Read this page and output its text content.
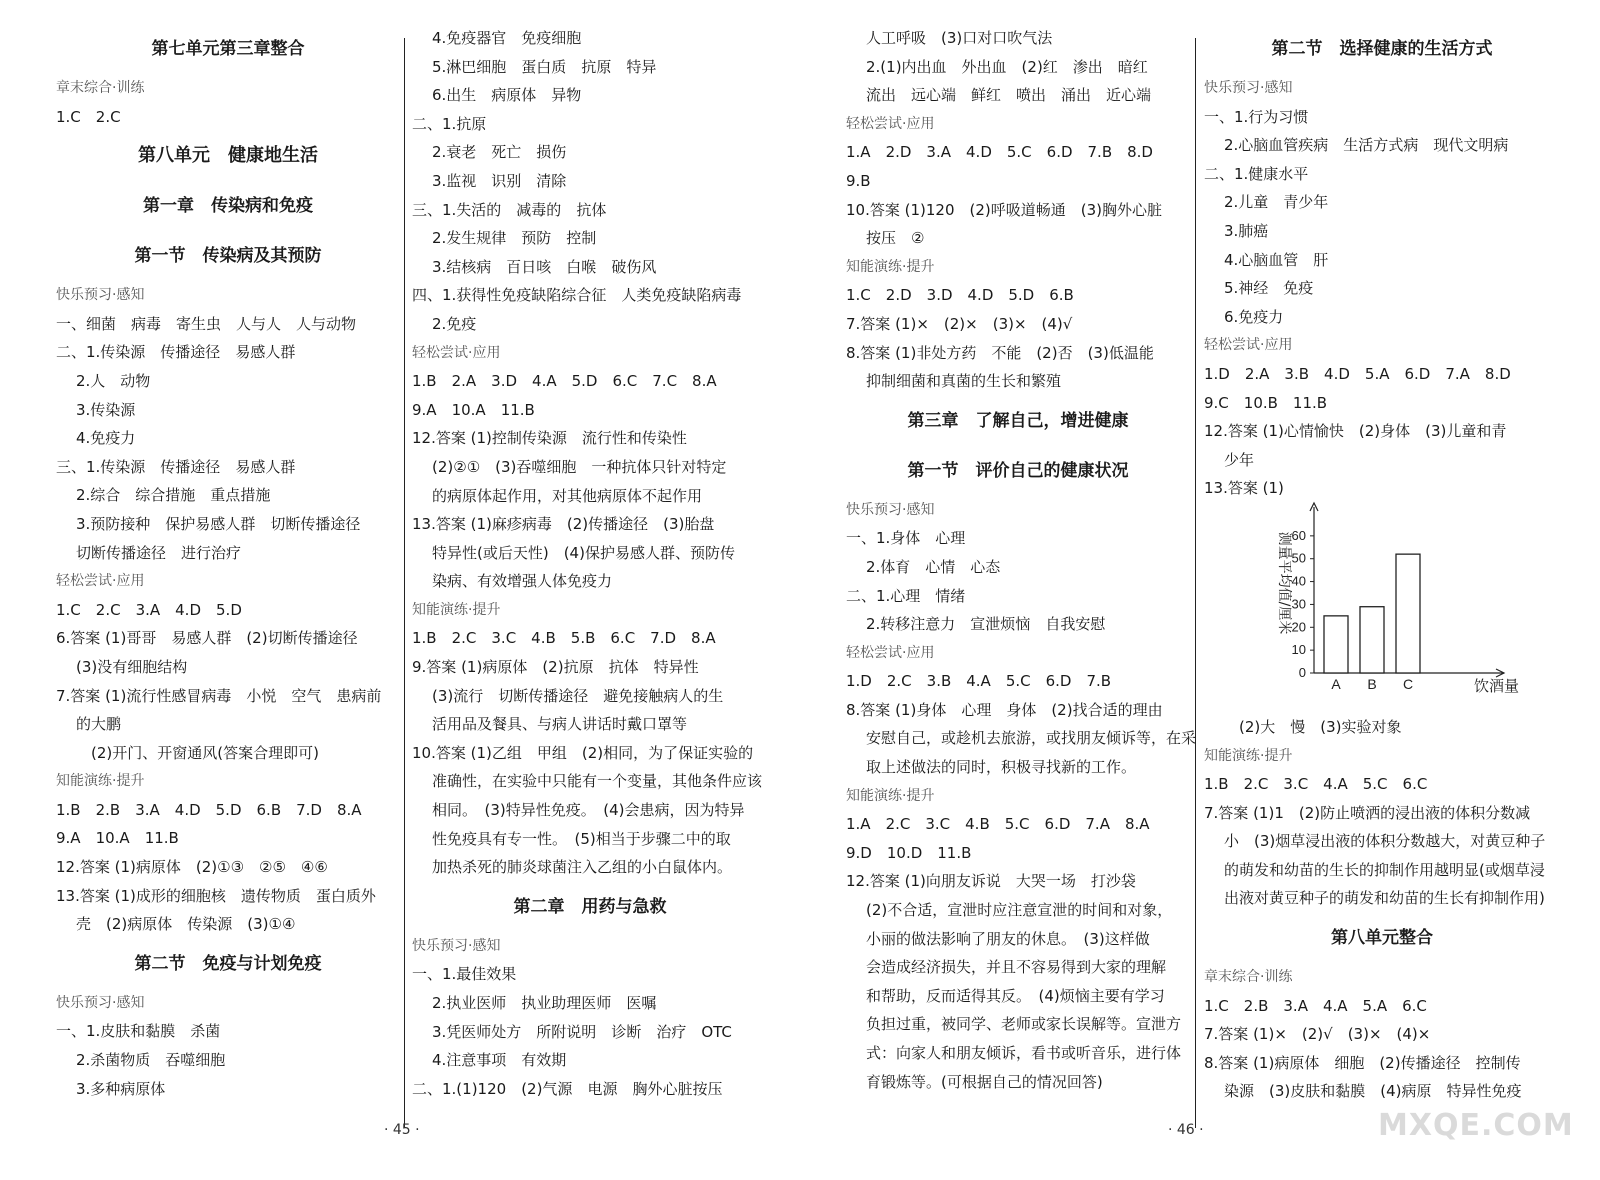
第七单元第三章整合
章末综合·训练
1.C　2.C
第八单元　健康地生活
第一章　传染病和免疫
第一节　传染病及其预防
快乐预习·感知
一、细菌　病毒　寄生虫　人与人　人与动物
二、1.传染源　传播途径　易感人群
2.人　动物
3.传染源
4.免疫力
三、1.传染源　传播途径　易感人群
2.综合　综合措施　重点措施
3.预防接种　保护易感人群　切断传播途径
切断传播途径　进行治疗
轻松尝试·应用
1.C　2.C　3.A　4.D　5.D
6.答案 (1)哥哥　易感人群　(2)切断传播途径
(3)没有细胞结构
7.答案 (1)流行性感冒病毒　小悦　空气　患病前
的大鹏
　(2)开门、开窗通风(答案合理即可)
知能演练·提升
1.B　2.B　3.A　4.D　5.D　6.B　7.D　8.A
9.A　10.A　11.B
12.答案 (1)病原体　(2)①③　②⑤　④⑥
13.答案 (1)成形的细胞核　遗传物质　蛋白质外
壳　(2)病原体　传染源　(3)①④
第二节　免疫与计划免疫
快乐预习·感知
一、1.皮肤和黏膜　杀菌
2.杀菌物质　吞噬细胞
3.多种病原体
4.免疫器官　免疫细胞
5.淋巴细胞　蛋白质　抗原　特异
6.出生　病原体　异物
二、1.抗原
2.衰老　死亡　损伤
3.监视　识别　清除
三、1.失活的　减毒的　抗体
2.发生规律　预防　控制
3.结核病　百日咳　白喉　破伤风
四、1.获得性免疫缺陷综合征　人类免疫缺陷病毒
2.免疫
轻松尝试·应用
1.B　2.A　3.D　4.A　5.D　6.C　7.C　8.A
9.A　10.A　11.B
12.答案 (1)控制传染源　流行性和传染性
(2)②①　(3)吞噬细胞　一种抗体只针对特定
的病原体起作用，对其他病原体不起作用
13.答案 (1)麻疹病毒　(2)传播途径　(3)胎盘
特异性(或后天性)　(4)保护易感人群、预防传
染病、有效增强人体免疫力
知能演练·提升
1.B　2.C　3.C　4.B　5.B　6.C　7.D　8.A
9.答案 (1)病原体　(2)抗原　抗体　特异性
(3)流行　切断传播途径　避免接触病人的生
活用品及餐具、与病人讲话时戴口罩等
10.答案 (1)乙组　甲组　(2)相同，为了保证实验的
准确性，在实验中只能有一个变量，其他条件应该
相同。　(3)特异性免疫。　(4)会患病，因为特异
性免疫具有专一性。　(5)相当于步骤二中的取
加热杀死的肺炎球菌注入乙组的小白鼠体内。
第二章　用药与急救
快乐预习·感知
一、1.最佳效果
2.执业医师　执业助理医师　医嘱
3.凭医师处方　所附说明　诊断　治疗　OTC
4.注意事项　有效期
二、1.(1)120　(2)气源　电源　胸外心脏按压
人工呼吸　(3)口对口吹气法
2.(1)内出血　外出血　(2)红　渗出　暗红
流出　远心端　鲜红　喷出　涌出　近心端
轻松尝试·应用
1.A　2.D　3.A　4.D　5.C　6.D　7.B　8.D
9.B
10.答案 (1)120　(2)呼吸道畅通　(3)胸外心脏
按压　②
知能演练·提升
1.C　2.D　3.D　4.D　5.D　6.B
7.答案 (1)×　(2)×　(3)×　(4)√
8.答案 (1)非处方药　不能　(2)否　(3)低温能
抑制细菌和真菌的生长和繁殖
第三章　了解自己，增进健康
第一节　评价自己的健康状况
快乐预习·感知
一、1.身体　心理
2.体育　心情　心态
二、1.心理　情绪
2.转移注意力　宣泄烦恼　自我安慰
轻松尝试·应用
1.D　2.C　3.B　4.A　5.C　6.D　7.B
8.答案 (1)身体　心理　身体　(2)找合适的理由
安慰自己，或趁机去旅游，或找朋友倾诉等，在采
取上述做法的同时，积极寻找新的工作。
知能演练·提升
1.A　2.C　3.C　4.B　5.C　6.D　7.A　8.A
9.D　10.D　11.B
12.答案 (1)向朋友诉说　大哭一场　打沙袋
(2)不合适，宣泄时应注意宣泄的时间和对象，
小丽的做法影响了朋友的休息。　(3)这样做
会造成经济损失，并且不容易得到大家的理解
和帮助，反而适得其反。　(4)烦恼主要有学习
负担过重，被同学、老师或家长误解等。宣泄方
式：向家人和朋友倾诉，看书或听音乐，进行体
育锻炼等。(可根据自己的情况回答)
第二节　选择健康的生活方式
快乐预习·感知
一、1.行为习惯
2.心脑血管疾病　生活方式病　现代文明病
二、1.健康水平
2.儿童　青少年
3.肺癌
4.心脑血管　肝
5.神经　免疫
6.免疫力
轻松尝试·应用
1.D　2.A　3.B　4.D　5.A　6.D　7.A　8.D
9.C　10.B　11.B
12.答案 (1)心情愉快　(2)身体　(3)儿童和青
少年
13.答案 (1)
0
10
20
30
40
50
60
A B C	饮酒量
测量平均值/厘米
　(2)大　慢　(3)实验对象
知能演练·提升
1.B　2.C　3.C　4.A　5.C　6.C
7.答案 (1)1　(2)防止喷洒的浸出液的体积分数减
小　(3)烟草浸出液的体积分数越大，对黄豆种子
的萌发和幼苗的生长的抑制作用越明显(或烟草浸
出液对黄豆种子的萌发和幼苗的生长有抑制作用)
第八单元整合
章末综合·训练
1.C　2.B　3.A　4.A　5.A　6.C
7.答案 (1)×　(2)√　(3)×　(4)×
8.答案 (1)病原体　细胞　(2)传播途径　控制传
染源　(3)皮肤和黏膜　(4)病原　特异性免疫
· 45 ·	· 46 ·	MXQE.COM
